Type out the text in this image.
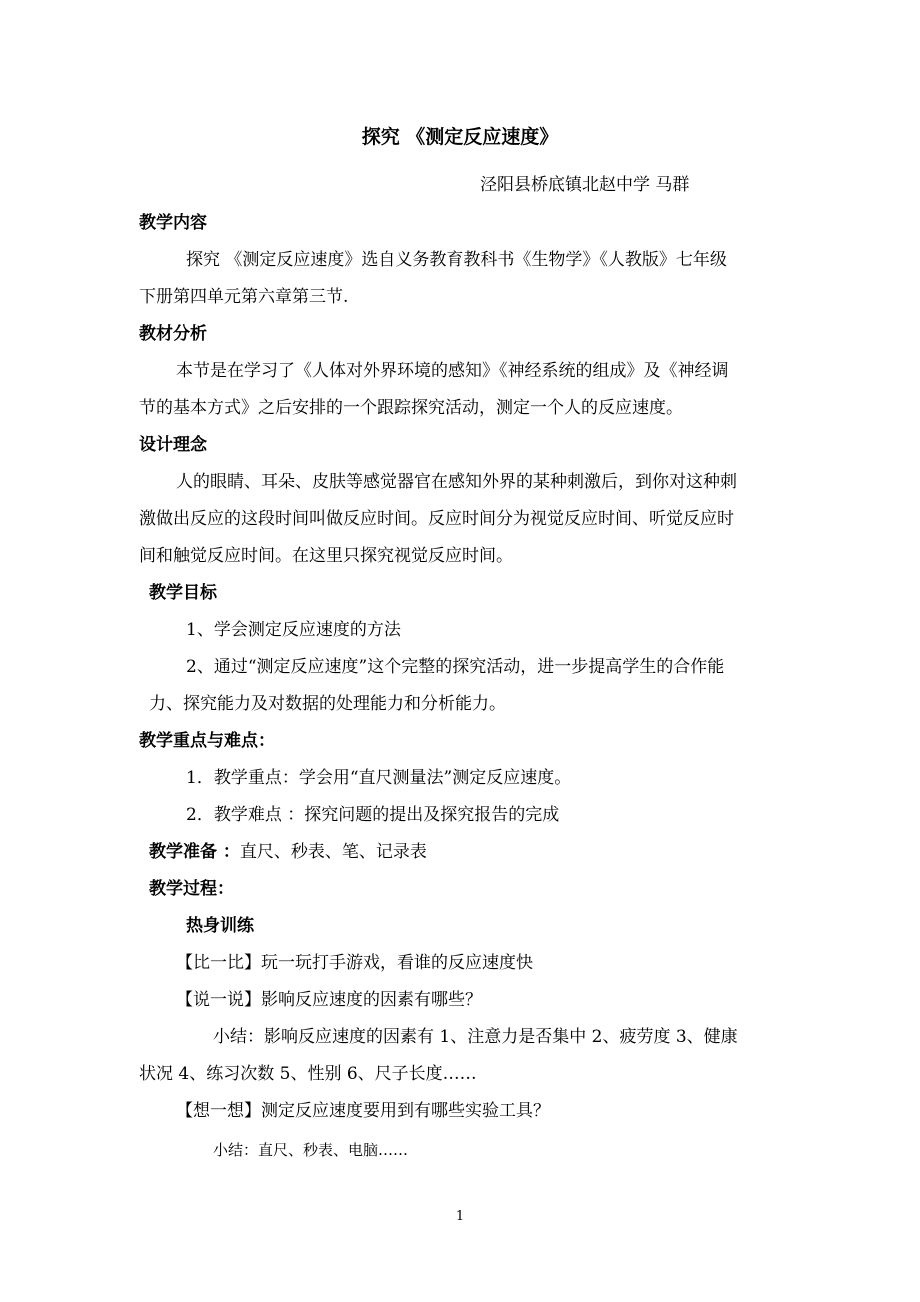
探究 《测定反应速度》
泾阳县桥底镇北赵中学 马群
教学内容
探究 《测定反应速度》选自义务教育教科书《生物学》《人教版》七年级
下册第四单元第六章第三节.
教材分析
本节是在学习了《人体对外界环境的感知》《神经系统的组成》及《神经调
节的基本方式》之后安排的一个跟踪探究活动，测定一个人的反应速度。
设计理念
人的眼睛、耳朵、皮肤等感觉器官在感知外界的某种刺激后，到你对这种刺
激做出反应的这段时间叫做反应时间。反应时间分为视觉反应时间、听觉反应时
间和触觉反应时间。在这里只探究视觉反应时间。
教学目标
1、学会测定反应速度的方法
2、通过“测定反应速度”这个完整的探究活动，进一步提高学生的合作能
力、探究能力及对数据的处理能力和分析能力。
教学重点与难点：
1．教学重点：学会用“直尺测量法”测定反应速度。
2．教学难点 ：探究问题的提出及探究报告的完成
教学准备 ：直尺、秒表、笔、记录表
教学过程：
热身训练
【比一比】玩一玩打手游戏，看谁的反应速度快
【说一说】影响反应速度的因素有哪些？
小结：影响反应速度的因素有 1、注意力是否集中 2、疲劳度 3、健康
状况 4、练习次数 5、性别 6、尺子长度……
【想一想】测定反应速度要用到有哪些实验工具？
小结：直尺、秒表、电脑……
1
